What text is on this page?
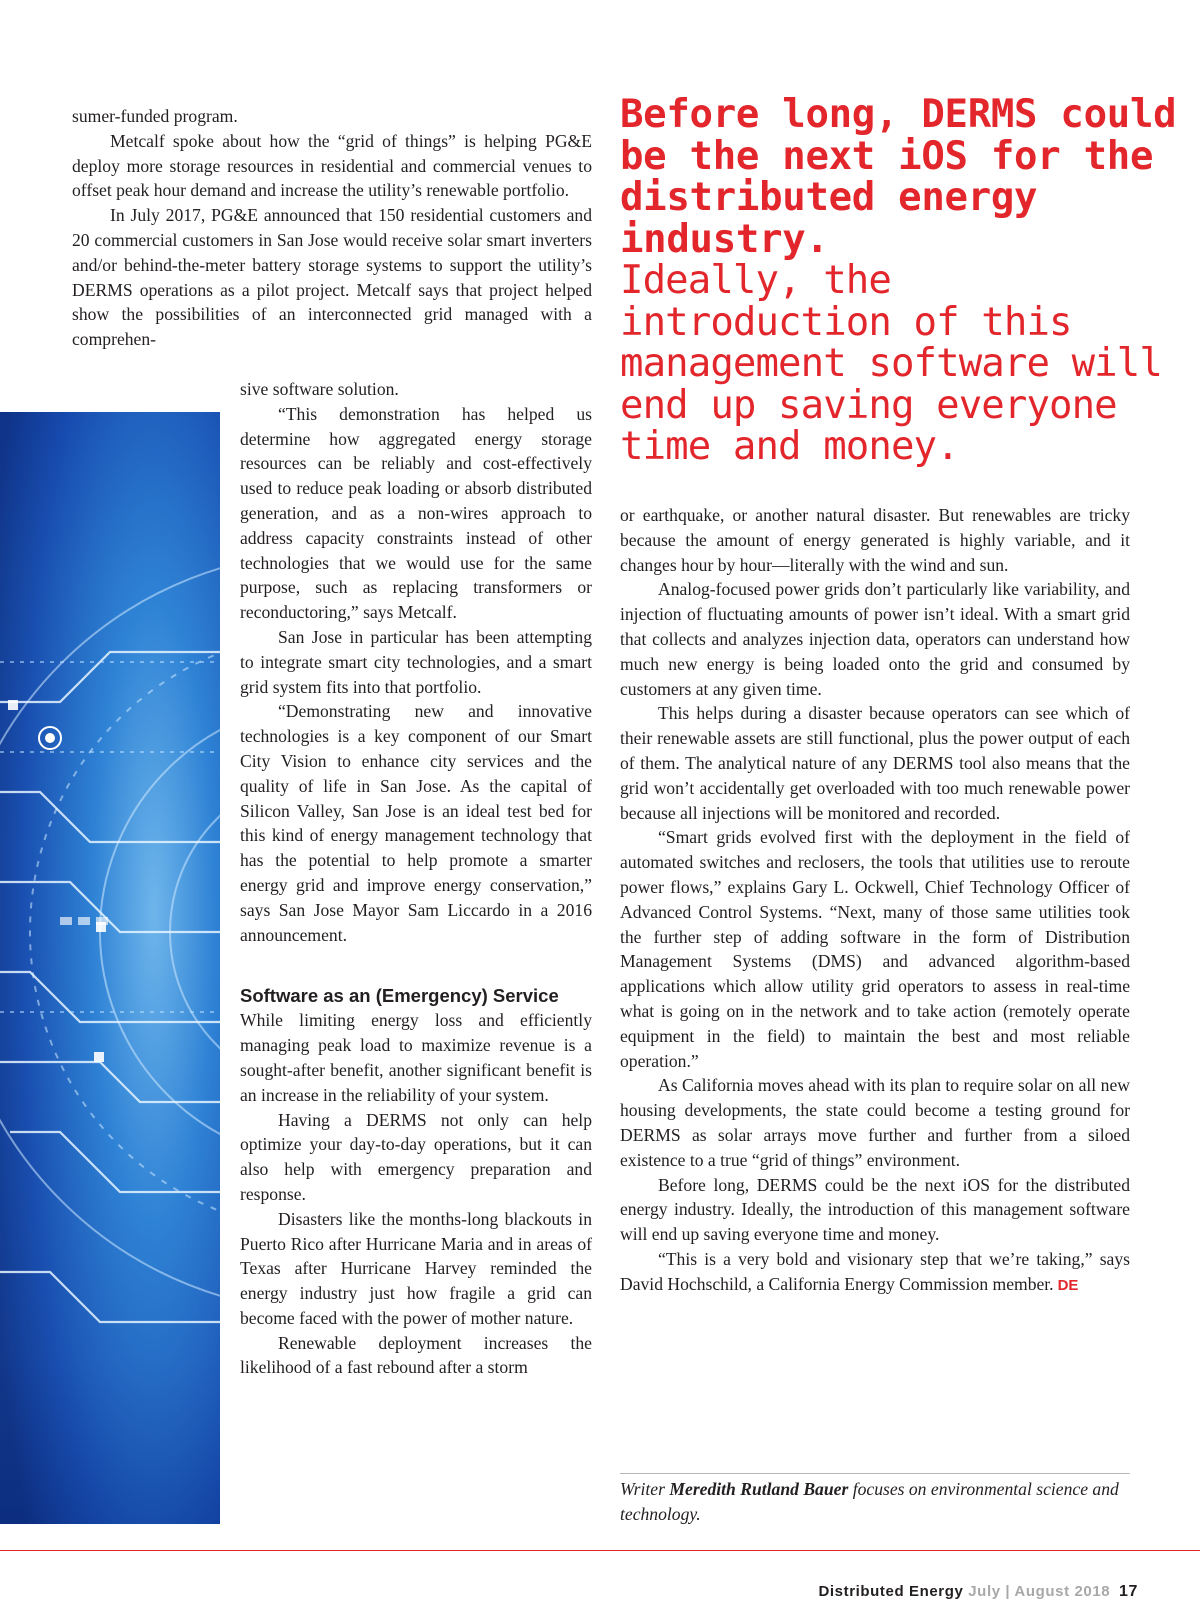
sumer-funded program.

Metcalf spoke about how the “grid of things” is helping PG&E deploy more storage resources in residential and commercial venues to offset peak hour demand and increase the utility’s renewable portfolio.

In July 2017, PG&E announced that 150 residential customers and 20 commercial customers in San Jose would receive solar smart inverters and/or behind-the-meter battery storage systems to support the utility’s DERMS operations as a pilot project. Metcalf says that project helped show the possibilities of an interconnected grid managed with a comprehen-

sive software solution.

“This demonstration has helped us determine how aggregated energy storage resources can be reliably and cost-effectively used to reduce peak loading or absorb distributed generation, and as a non-wires approach to address capacity constraints instead of other technologies that we would use for the same purpose, such as replacing transformers or reconductoring,” says Metcalf.

San Jose in particular has been attempting to integrate smart city technologies, and a smart grid system fits into that portfolio.

“Demonstrating new and innovative technologies is a key component of our Smart City Vision to enhance city services and the quality of life in San Jose. As the capital of Silicon Valley, San Jose is an ideal test bed for this kind of energy management technology that has the potential to help promote a smarter energy grid and improve energy conservation,” says San Jose Mayor Sam Liccardo in a 2016 announcement.

Software as an (Emergency) Service

While limiting energy loss and efficiently managing peak load to maximize revenue is a sought-after benefit, another significant benefit is an increase in the reliability of your system.

Having a DERMS not only can help optimize your day-to-day operations, but it can also help with emergency preparation and response.

Disasters like the months-long blackouts in Puerto Rico after Hurricane Maria and in areas of Texas after Hurricane Harvey reminded the energy industry just how fragile a grid can become faced with the power of mother nature.

Renewable deployment increases the likelihood of a fast rebound after a storm

Before long, DERMS could be the next iOS for the distributed energy industry.
Ideally, the introduction of this management software will end up saving everyone time and money.

or earthquake, or another natural disaster. But renewables are tricky because the amount of energy generated is highly variable, and it changes hour by hour—literally with the wind and sun.

Analog-focused power grids don’t particularly like variability, and injection of fluctuating amounts of power isn’t ideal. With a smart grid that collects and analyzes injection data, operators can understand how much new energy is being loaded onto the grid and consumed by customers at any given time.

This helps during a disaster because operators can see which of their renewable assets are still functional, plus the power output of each of them. The analytical nature of any DERMS tool also means that the grid won’t accidentally get overloaded with too much renewable power because all injections will be monitored and recorded.

“Smart grids evolved first with the deployment in the field of automated switches and reclosers, the tools that utilities use to reroute power flows,” explains Gary L. Ockwell, Chief Technology Officer of Advanced Control Systems. “Next, many of those same utilities took the further step of adding software in the form of Distribution Management Systems (DMS) and advanced algorithm-based applications which allow utility grid operators to assess in real-time what is going on in the network and to take action (remotely operate equipment in the field) to maintain the best and most reliable operation.”

As California moves ahead with its plan to require solar on all new housing developments, the state could become a testing ground for DERMS as solar arrays move further and further from a siloed existence to a true “grid of things” environment.

Before long, DERMS could be the next iOS for the distributed energy industry. Ideally, the introduction of this management software will end up saving everyone time and money.

“This is a very bold and visionary step that we’re taking,” says David Hochschild, a California Energy Commission member. DE

Writer Meredith Rutland Bauer focuses on environmental science and technology.
Distributed Energy July | August 2018 17
